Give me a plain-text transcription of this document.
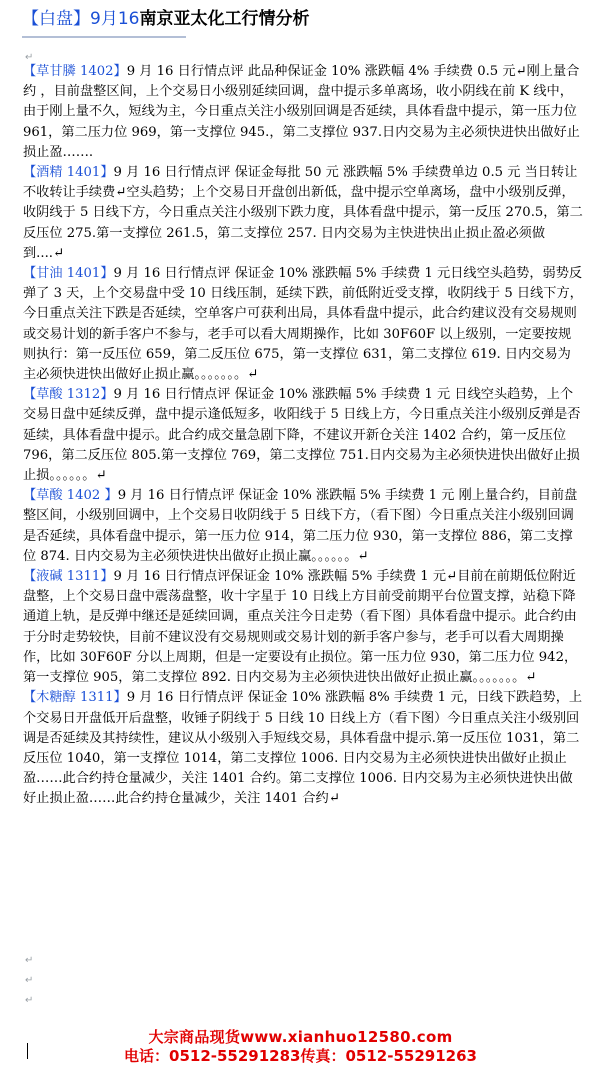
【白盘】9月16南京亚太化工行情分析
↵

【草甘膦 1402】9 月 16 日行情点评 此品种保证金 10% 涨跌幅 4% 手续费 0.5 元↵刚上量合约 ，目前盘整区间，上个交易日小级别延续回调，盘中提示多单离场，收小阴线在前 K 线中，由于刚上量不久，短线为主，今日重点关注小级别回调是否延续，具体看盘中提示，第一压力位 961，第二压力位 969，第一支撑位 945.，第二支撑位 937.日内交易为主必须快进快出做好止损止盈…….

【酒精 1401】9 月 16 日行情点评 保证金每批 50 元 涨跌幅 5% 手续费单边 0.5 元 当日转让不收转让手续费↵空头趋势；上个交易日开盘创出新低，盘中提示空单离场，盘中小级别反弹，收阴线于 5 日线下方，今日重点关注小级别下跌力度，具体看盘中提示，第一反压 270.5，第二反压位 275.第一支撑位 261.5，第二支撑位 257. 日内交易为主快进快出止损止盈必须做到....↵

【甘油 1401】9 月 16 日行情点评 保证金 10% 涨跌幅 5% 手续费 1 元日线空头趋势，弱势反弹了 3 天，上个交易盘中受 10 日线压制，延续下跌，前低附近受支撑，收阴线于 5 日线下方，今日重点关注下跌是否延续，空单客户可获利出局，具体看盘中提示，此合约建议没有交易规则或交易计划的新手客户不参与，老手可以看大周期操作，比如 30F60F 以上级别，一定要按规则执行：第一反压位 659，第二反压位 675，第一支撑位 631，第二支撑位 619. 日内交易为主必须快进快出做好止损止赢。。。。。。。↵

【草酸 1312】9 月 16 日行情点评 保证金 10% 涨跌幅 5% 手续费 1 元 日线空头趋势，上个交易日盘中延续反弹，盘中提示逢低短多，收阳线于 5 日线上方，今日重点关注小级别反弹是否延续，具体看盘中提示。此合约成交量急剧下降，不建议开新仓关注 1402 合约，第一反压位 796，第二反压位 805.第一支撑位 769，第二支撑位 751.日内交易为主必须快进快出做好止损止损。。。。。。↵

【草酸 1402 】9 月 16 日行情点评 保证金 10% 涨跌幅 5% 手续费 1 元 刚上量合约，目前盘整区间，小级别回调中，上个交易日收阴线于 5 日线下方，（看下图）今日重点关注小级别回调是否延续，具体看盘中提示，第一压力位 914，第二压力位 930，第一支撑位 886，第二支撑位 874. 日内交易为主必须快进快出做好止损止赢。。。。。。↵

【液碱 1311】9 月 16 日行情点评保证金 10% 涨跌幅 5% 手续费 1 元↵目前在前期低位附近盘整，上个交易日盘中震荡盘整，收十字星于 10 日线上方目前受前期平台位置支撑，站稳下降通道上轨，是反弹中继还是延续回调，重点关注今日走势（看下图）具体看盘中提示。此合约由于分时走势较快，目前不建议没有交易规则或交易计划的新手客户参与，老手可以看大周期操作，比如 30F60F 分以上周期，但是一定要设有止损位。第一压力位 930，第二压力位 942，第一支撑位 905，第二支撑位 892. 日内交易为主必须快进快出做好止损止赢。。。。。。。↵

【木糖醇 1311】9 月 16 日行情点评 保证金 10% 涨跌幅 8% 手续费 1 元，日线下跌趋势，上个交易日开盘低开后盘整，收锤子阴线于 5 日线 10 日线上方（看下图）今日重点关注小级别回调是否延续及其持续性，建议从小级别入手短线交易，具体看盘中提示.第一反压位 1031，第二反压位 1040，第一支撑位 1014，第二支撑位 1006. 日内交易为主必须快进快出做好止损止盈……此合约持仓量减少，关注 1401 合约。第二支撑位 1006. 日内交易为主必须快进快出做好止损止盈……此合约持仓量减少，关注 1401 合约↵

↵
↵
↵
大宗商品现货www.xianhuo12580.com
电话：0512-55291283传真：0512-55291263
